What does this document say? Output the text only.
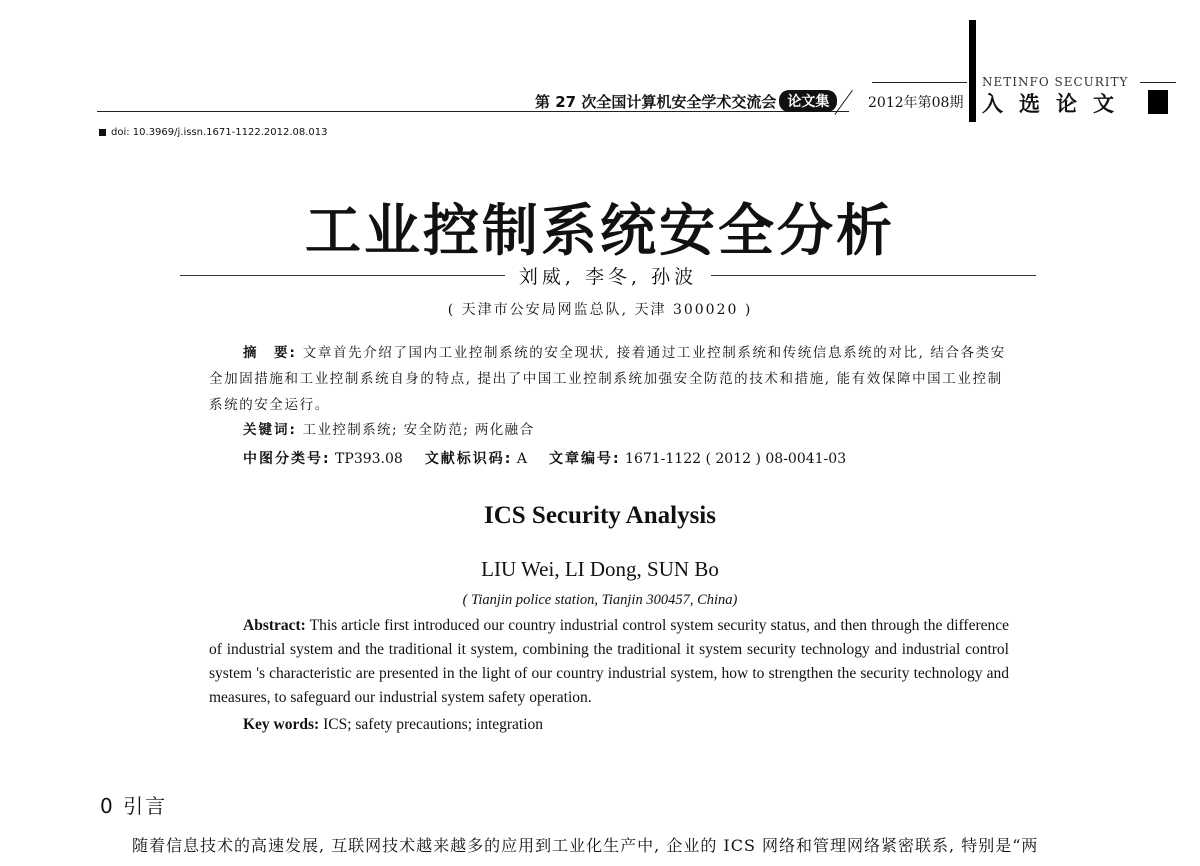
第 27 次全国计算机安全学术交流会 论文集	2012年第08期
NETINFO SECURITY
入选论文
doi: 10.3969/j.issn.1671-1122.2012.08.013
工业控制系统安全分析
刘威, 李冬, 孙波
( 天津市公安局网监总队, 天津 300020 )

摘　要: 文章首先介绍了国内工业控制系统的安全现状, 接着通过工业控制系统和传统信息系统的对比, 结合各类安全加固措施和工业控制系统自身的特点, 提出了中国工业控制系统加强安全防范的技术和措施, 能有效保障中国工业控制系统的安全运行。

关键词: 工业控制系统; 安全防范; 两化融合
中图分类号: TP393.08 文献标识码: A 文章编号: 1671-1122 ( 2012 ) 08-0041-03
ICS Security Analysis
LIU Wei, LI Dong, SUN Bo
( Tianjin police station, Tianjin 300457, China)

Abstract: This article first introduced our country industrial control system security status, and then through the difference of industrial system and the traditional it system, combining the traditional it system security technology and industrial control system 's characteristic are presented in the light of our country industrial system, how to strengthen the security technology and measures, to safeguard our industrial system safety operation.

Key words: ICS; safety precautions; integration
0 引言

随着信息技术的高速发展, 互联网技术越来越多的应用到工业化生产中, 企业的 ICS 网络和管理网络紧密联系, 特别是“两
